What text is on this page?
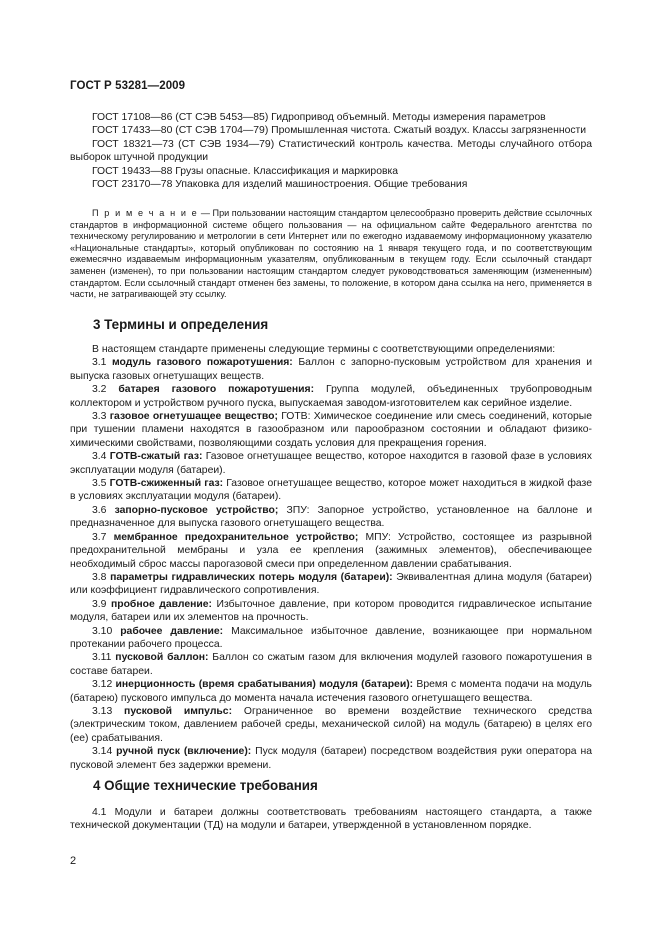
ГОСТ Р 53281—2009

ГОСТ 17108—86 (СТ СЭВ 5453—85) Гидропривод объемный. Методы измерения параметров

ГОСТ 17433—80 (СТ СЭВ 1704—79) Промышленная чистота. Сжатый воздух. Классы загрязненности

ГОСТ 18321—73 (СТ СЭВ 1934—79) Статистический контроль качества. Методы случайного отбора выборок штучной продукции

ГОСТ 19433—88 Грузы опасные. Классификация и маркировка

ГОСТ 23170—78 Упаковка для изделий машиностроения. Общие требования

П р и м е ч а н и е — При пользовании настоящим стандартом целесообразно проверить действие ссылочных стандартов в информационной системе общего пользования — на официальном сайте Федерального агентства по техническому регулированию и метрологии в сети Интернет или по ежегодно издаваемому информационному указателю «Национальные стандарты», который опубликован по состоянию на 1 января текущего года, и по соответствующим ежемесячно издаваемым информационным указателям, опубликованным в текущем году. Если ссылочный стандарт заменен (изменен), то при пользовании настоящим стандартом следует руководствоваться заменяющим (измененным) стандартом. Если ссылочный стандарт отменен без замены, то положение, в котором дана ссылка на него, применяется в части, не затрагивающей эту ссылку.
3 Термины и определения

В настоящем стандарте применены следующие термины с соответствующими определениями:

3.1 модуль газового пожаротушения: Баллон с запорно-пусковым устройством для хранения и выпуска газовых огнетушащих веществ.

3.2 батарея газового пожаротушения: Группа модулей, объединенных трубопроводным коллектором и устройством ручного пуска, выпускаемая заводом-изготовителем как серийное изделие.

3.3 газовое огнетушащее вещество; ГОТВ: Химическое соединение или смесь соединений, которые при тушении пламени находятся в газообразном или парообразном состоянии и обладают физико-химическими свойствами, позволяющими создать условия для прекращения горения.

3.4 ГОТВ-сжатый газ: Газовое огнетушащее вещество, которое находится в газовой фазе в условиях эксплуатации модуля (батареи).

3.5 ГОТВ-сжиженный газ: Газовое огнетушащее вещество, которое может находиться в жидкой фазе в условиях эксплуатации модуля (батареи).

3.6 запорно-пусковое устройство; ЗПУ: Запорное устройство, установленное на баллоне и предназначенное для выпуска газового огнетушащего вещества.

3.7 мембранное предохранительное устройство; МПУ: Устройство, состоящее из разрывной предохранительной мембраны и узла ее крепления (зажимных элементов), обеспечивающее необходимый сброс массы парогазовой смеси при определенном давлении срабатывания.

3.8 параметры гидравлических потерь модуля (батареи): Эквивалентная длина модуля (батареи) или коэффициент гидравлического сопротивления.

3.9 пробное давление: Избыточное давление, при котором проводится гидравлическое испытание модуля, батареи или их элементов на прочность.

3.10 рабочее давление: Максимальное избыточное давление, возникающее при нормальном протекании рабочего процесса.

3.11 пусковой баллон: Баллон со сжатым газом для включения модулей газового пожаротушения в составе батареи.

3.12 инерционность (время срабатывания) модуля (батареи): Время с момента подачи на модуль (батарею) пускового импульса до момента начала истечения газового огнетушащего вещества.

3.13 пусковой импульс: Ограниченное во времени воздействие технического средства (электрическим током, давлением рабочей среды, механической силой) на модуль (батарею) в целях его (ее) срабатывания.

3.14 ручной пуск (включение): Пуск модуля (батареи) посредством воздействия руки оператора на пусковой элемент без задержки времени.

4 Общие технические требования

4.1 Модули и батареи должны соответствовать требованиям настоящего стандарта, а также технической документации (ТД) на модули и батареи, утвержденной в установленном порядке.

2
